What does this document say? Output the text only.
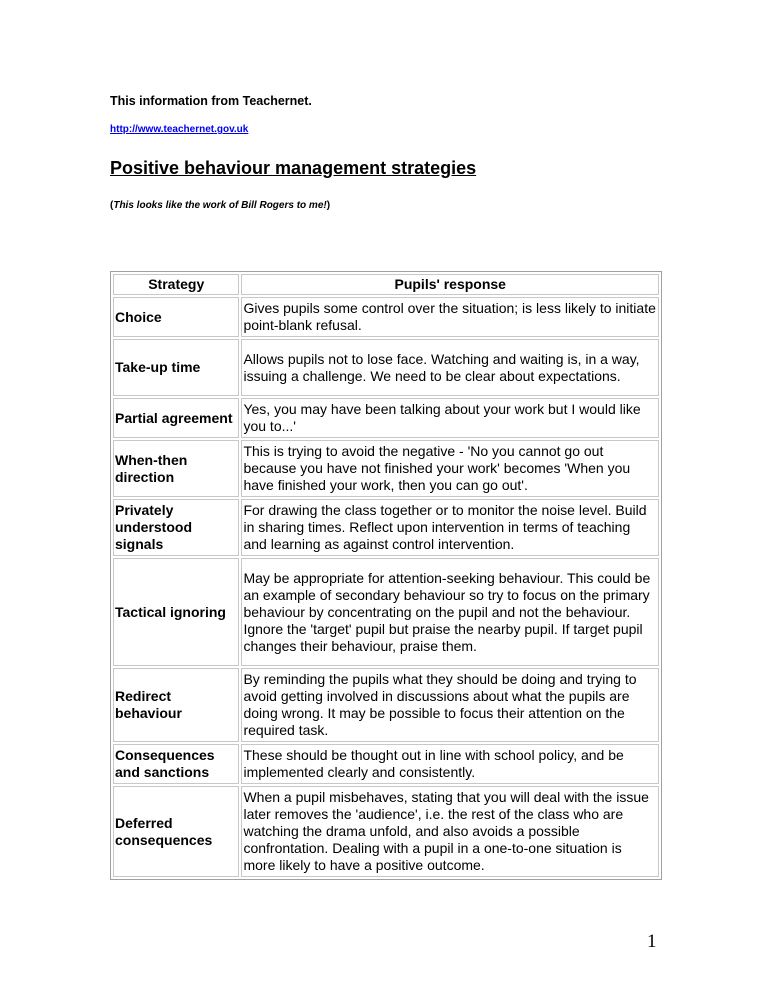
This information from Teachernet.

http://www.teachernet.gov.uk
Positive behaviour management strategies

(This looks like the work of Bill Rogers to me!)

Strategy	Pupils' response
Choice	Gives pupils some control over the situation; is less likely to initiate point-blank refusal.
Take-up time	Allows pupils not to lose face. Watching and waiting is, in a way, issuing a challenge. We need to be clear about expectations.
Partial agreement	Yes, you may have been talking about your work but I would like you to...'
When-then direction	This is trying to avoid the negative - 'No you cannot go out because you have not finished your work' becomes 'When you have finished your work, then you can go out'.
Privately understood signals	For drawing the class together or to monitor the noise level. Build in sharing times. Reflect upon intervention in terms of teaching and learning as against control intervention.
Tactical ignoring	May be appropriate for attention-seeking behaviour. This could be an example of secondary behaviour so try to focus on the primary behaviour by concentrating on the pupil and not the behaviour. Ignore the 'target' pupil but praise the nearby pupil. If target pupil changes their behaviour, praise them.
Redirect behaviour	By reminding the pupils what they should be doing and trying to avoid getting involved in discussions about what the pupils are doing wrong. It may be possible to focus their attention on the required task.
Consequences and sanctions	These should be thought out in line with school policy, and be implemented clearly and consistently.
Deferred consequences	When a pupil misbehaves, stating that you will deal with the issue later removes the 'audience', i.e. the rest of the class who are watching the drama unfold, and also avoids a possible confrontation. Dealing with a pupil in a one-to-one situation is more likely to have a positive outcome.

1
